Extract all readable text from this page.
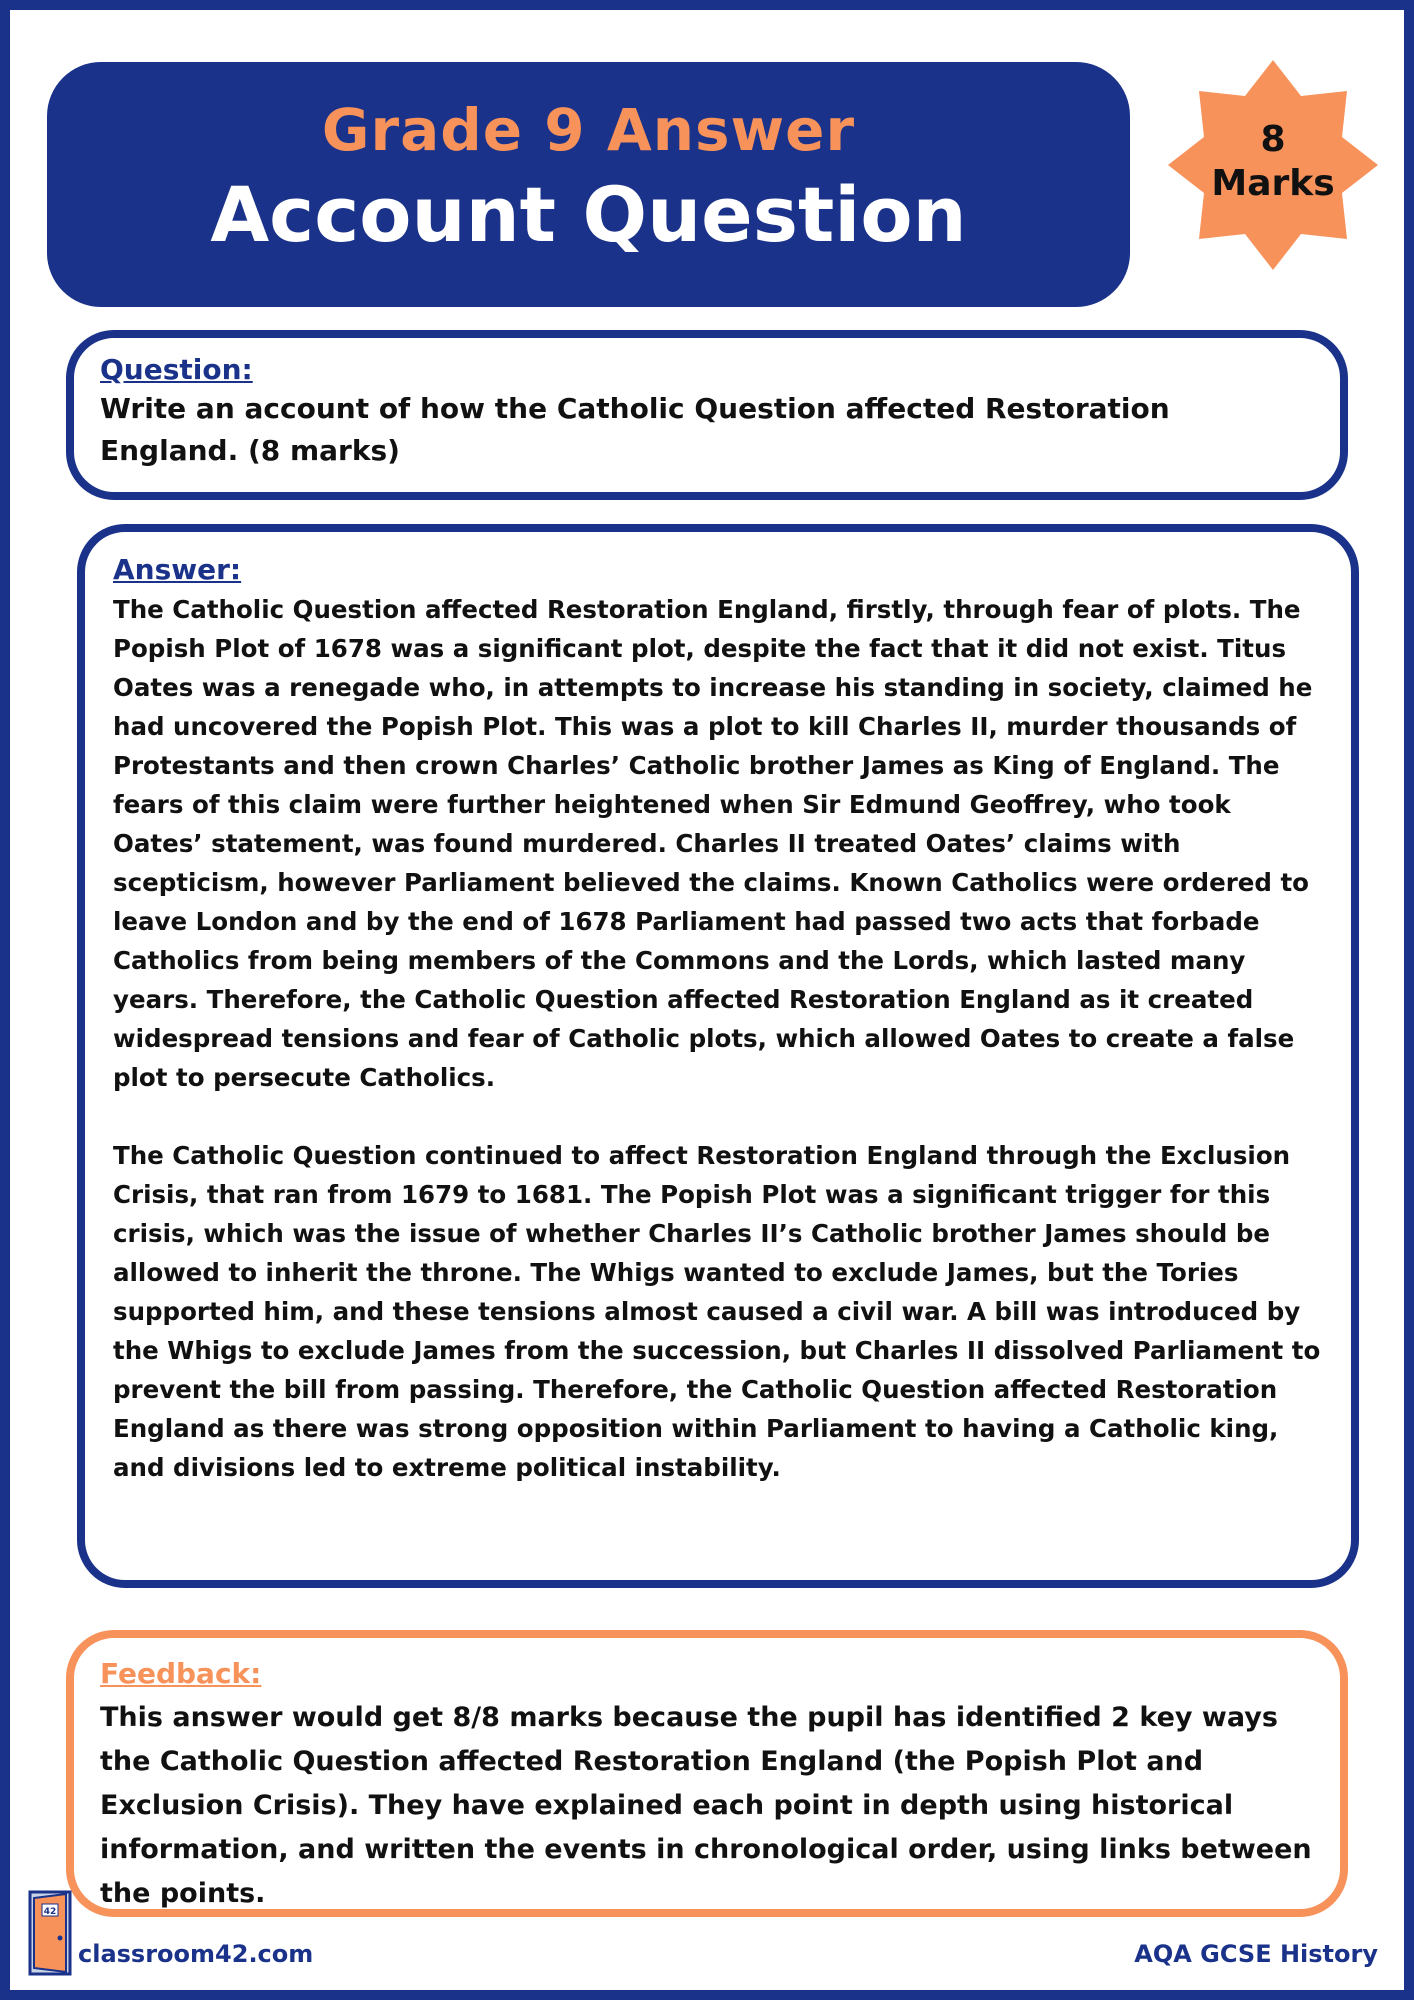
Grade 9 Answer
Account Question
8
Marks
Question:
Write an account of how the Catholic Question affected Restoration England. (8 marks)
Answer:
The Catholic Question affected Restoration England, firstly, through fear of plots. The Popish Plot of 1678 was a significant plot, despite the fact that it did not exist. Titus Oates was a renegade who, in attempts to increase his standing in society, claimed he had uncovered the Popish Plot. This was a plot to kill Charles II, murder thousands of Protestants and then crown Charles’ Catholic brother James as King of England. The fears of this claim were further heightened when Sir Edmund Geoffrey, who took Oates’ statement, was found murdered. Charles II treated Oates’ claims with scepticism, however Parliament believed the claims. Known Catholics were ordered to leave London and by the end of 1678 Parliament had passed two acts that forbade Catholics from being members of the Commons and the Lords, which lasted many years. Therefore, the Catholic Question affected Restoration England as it created widespread tensions and fear of Catholic plots, which allowed Oates to create a false plot to persecute Catholics.
The Catholic Question continued to affect Restoration England through the Exclusion Crisis, that ran from 1679 to 1681. The Popish Plot was a significant trigger for this crisis, which was the issue of whether Charles II’s Catholic brother James should be allowed to inherit the throne. The Whigs wanted to exclude James, but the Tories supported him, and these tensions almost caused a civil war. A bill was introduced by the Whigs to exclude James from the succession, but Charles II dissolved Parliament to prevent the bill from passing. Therefore, the Catholic Question affected Restoration England as there was strong opposition within Parliament to having a Catholic king, and divisions led to extreme political instability.
Feedback:
This answer would get 8/8 marks because the pupil has identified 2 key ways the Catholic Question affected Restoration England (the Popish Plot and Exclusion Crisis). They have explained each point in depth using historical information, and written the events in chronological order, using links between the points.
42
classroom42.com	AQA GCSE History
